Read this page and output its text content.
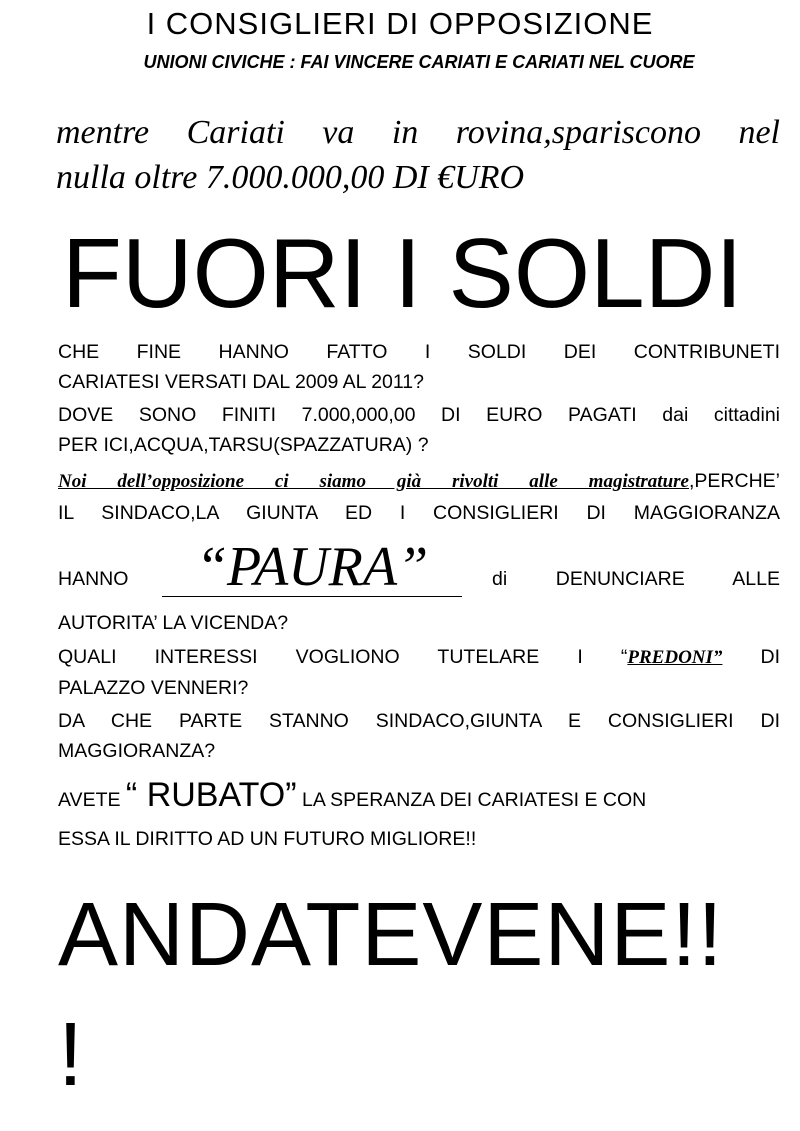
I CONSIGLIERI DI OPPOSIZIONE
UNIONI CIVICHE : FAI VINCERE CARIATI E CARIATI NEL CUORE
mentre Cariati va in rovina,spariscono nel
nulla oltre 7.000.000,00 DI €URO
FUORI I SOLDI
CHE FINE HANNO FATTO I SOLDI DEI CONTRIBUNETI
CARIATESI VERSATI DAL 2009 AL 2011?
DOVE SONO FINITI 7.000,000,00 DI EURO PAGATI dai cittadini
PER ICI,ACQUA,TARSU(SPAZZATURA) ?
Noi dell’opposizione ci siamo già rivolti alle magistrature,PERCHE’
IL SINDACO,LA GIUNTA ED I CONSIGLIERI DI MAGGIORANZA
HANNO	“PAURA”	di DENUNCIARE ALLE
AUTORITA’ LA VICENDA?
QUALI INTERESSI VOGLIONO TUTELARE I “PREDONI” DI
PALAZZO VENNERI?
DA CHE PARTE STANNO SINDACO,GIUNTA E CONSIGLIERI DI
MAGGIORANZA?
AVETE “ RUBATO” LA SPERANZA DEI CARIATESI E CON
ESSA IL DIRITTO AD UN FUTURO MIGLIORE!!
ANDATEVENE!!
!
